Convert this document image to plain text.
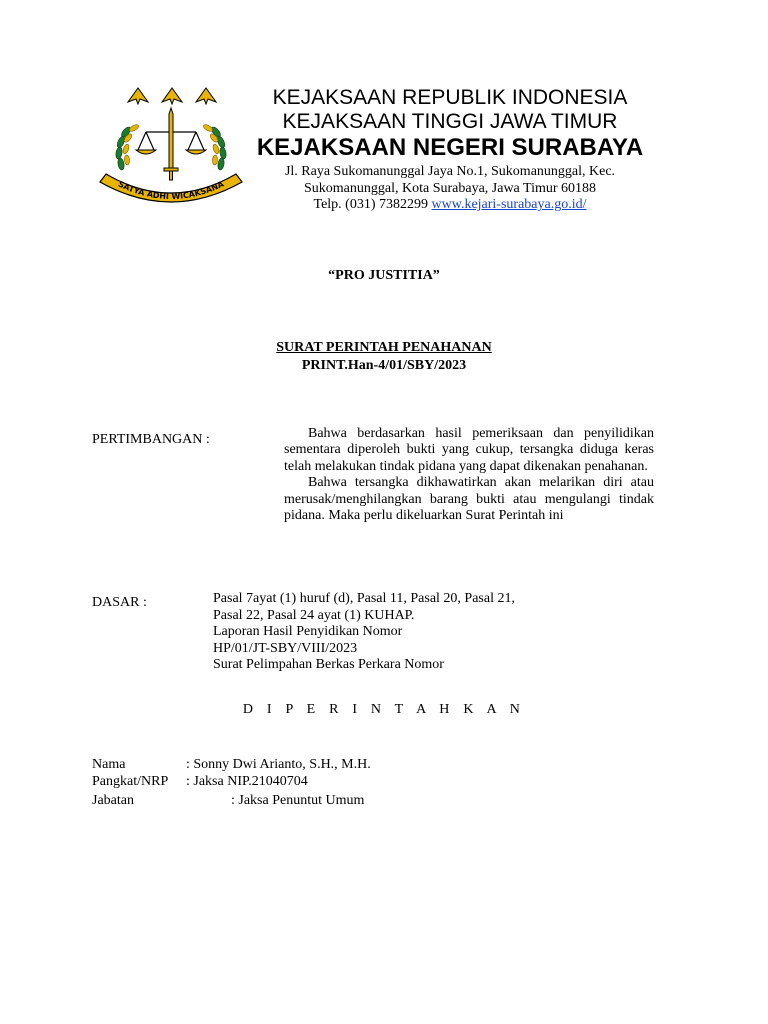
SATYA ADHI WICAKSANA
KEJAKSAAN REPUBLIK INDONESIA
KEJAKSAAN TINGGI JAWA TIMUR
KEJAKSAAN NEGERI SURABAYA
Jl. Raya Sukomanunggal Jaya No.1, Sukomanunggal, Kec.
Sukomanunggal, Kota Surabaya, Jawa Timur 60188
Telp. (031) 7382299 www.kejari-surabaya.go.id/
“PRO JUSTITIA”
SURAT PERINTAH PENAHANAN
PRINT.Han-4/01/SBY/2023
PERTIMBANGAN :	Bahwa berdasarkan hasil pemeriksaan dan penyilidikan sementara diperoleh bukti yang cukup, tersangka diduga keras telah melakukan tindak pidana yang dapat dikenakan penahanan.

Bahwa tersangka dikhawatirkan akan melarikan diri atau merusak/menghilangkan barang bukti atau mengulangi tindak pidana. Maka perlu dikeluarkan Surat Perintah ini

DASAR :	Pasal 7ayat (1) huruf (d), Pasal 11, Pasal 20, Pasal 21,
Pasal 22, Pasal 24 ayat (1) KUHAP.
Laporan Hasil Penyidikan Nomor
HP/01/JT-SBY/VIII/2023
Surat Pelimpahan Berkas Perkara Nomor
D I P E R I N T A H K A N
Nama	: Sonny Dwi Arianto, S.H., M.H.
Pangkat/NRP : Jaksa NIP.21040704
Jabatan	: Jaksa Penuntut Umum
